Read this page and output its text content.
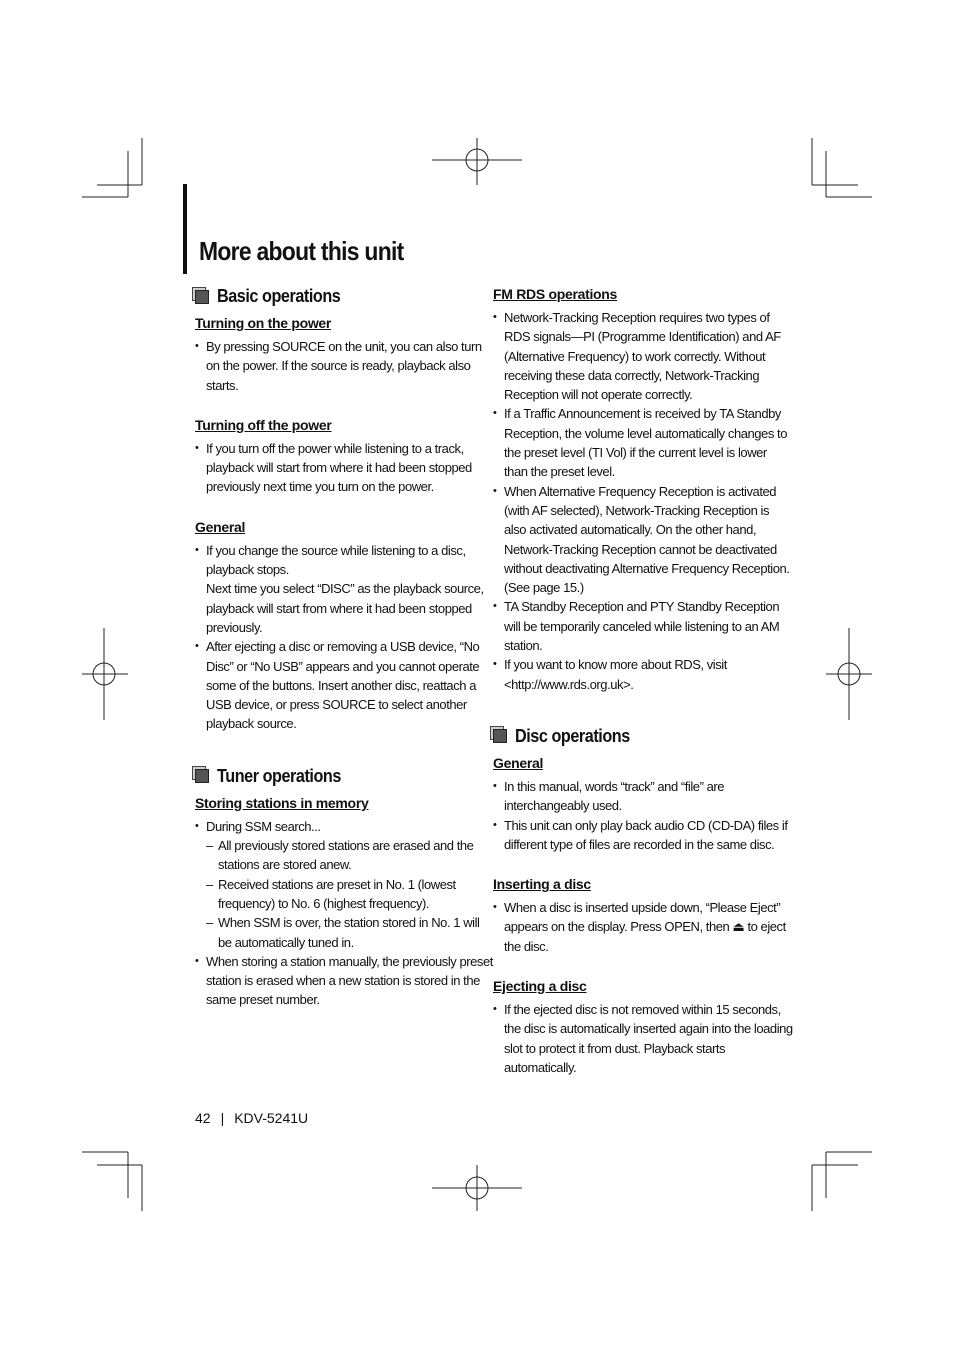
More about this unit
Basic operations
Turning on the power
• By pressing SOURCE on the unit, you can also turn on the power. If the source is ready, playback also starts.
Turning off the power
• If you turn off the power while listening to a track, playback will start from where it had been stopped previously next time you turn on the power.
General
• If you change the source while listening to a disc, playback stops.
Next time you select “DISC” as the playback source, playback will start from where it had been stopped previously.
• After ejecting a disc or removing a USB device, “No Disc” or “No USB” appears and you cannot operate some of the buttons. Insert another disc, reattach a USB device, or press SOURCE to select another playback source.
Tuner operations
Storing stations in memory
• During SSM search...
– All previously stored stations are erased and the stations are stored anew.
– Received stations are preset in No. 1 (lowest frequency) to No. 6 (highest frequency).
– When SSM is over, the station stored in No. 1 will be automatically tuned in.
• When storing a station manually, the previously preset station is erased when a new station is stored in the same preset number.
FM RDS operations
• Network-Tracking Reception requires two types of RDS signals—PI (Programme Identification) and AF (Alternative Frequency) to work correctly. Without receiving these data correctly, Network-Tracking Reception will not operate correctly.
• If a Traffic Announcement is received by TA Standby Reception, the volume level automatically changes to the preset level (TI Vol) if the current level is lower than the preset level.
• When Alternative Frequency Reception is activated (with AF selected), Network-Tracking Reception is also activated automatically. On the other hand, Network-Tracking Reception cannot be deactivated without deactivating Alternative Frequency Reception. (See page 15.)
• TA Standby Reception and PTY Standby Reception will be temporarily canceled while listening to an AM station.
• If you want to know more about RDS, visit <http://www.rds.org.uk>.
Disc operations
General
• In this manual, words “track” and “file” are interchangeably used.
• This unit can only play back audio CD (CD-DA) files if different type of files are recorded in the same disc.
Inserting a disc
• When a disc is inserted upside down, “Please Eject” appears on the display. Press OPEN, then ⏏ to eject the disc.
Ejecting a disc
• If the ejected disc is not removed within 15 seconds, the disc is automatically inserted again into the loading slot to protect it from dust. Playback starts automatically.
42 | KDV-5241U
